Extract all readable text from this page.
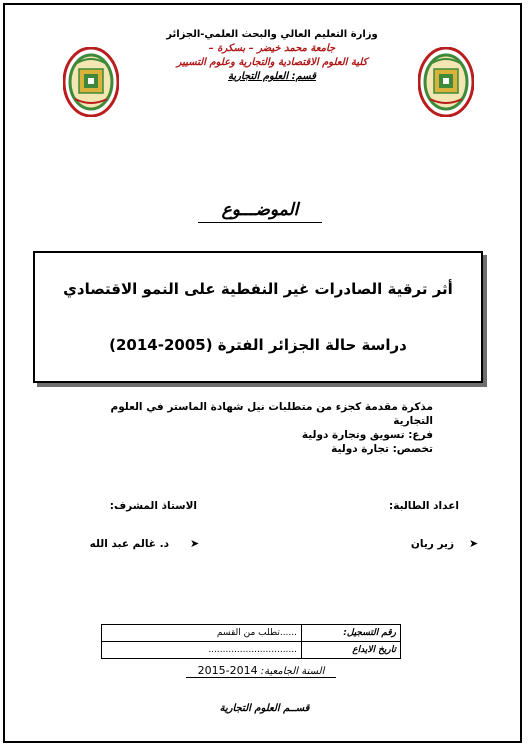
وزارة التعليم العالي والبحث العلمي-الجزائر
جامعة محمد خيضر – بسكرة –
كلية العلوم الاقتصادية والتجارية وعلوم التسيير
قسم: العلوم التجارية
الموضـــوع
أثر ترقية الصادرات غير النفطية على النمو الاقتصادي
دراسة حالة الجزائر الفترة (2005-2014)
مذكرة مقدمة كجزء من متطلبات نيل شهادة الماستر في العلوم التجارية
فرع: تسويق وتجارة دولية
تخصص: تجارة دولية
اعداد الطالبة:
الاستاذ المشرف:
➤
زير ريان
➤
د. غالم عبد الله
رقم التسجيل:	......تطلب من القسم
تاريخ الايداع	...............................
السنة الجامعية: 2014-2015
قســم العلوم التجارية
